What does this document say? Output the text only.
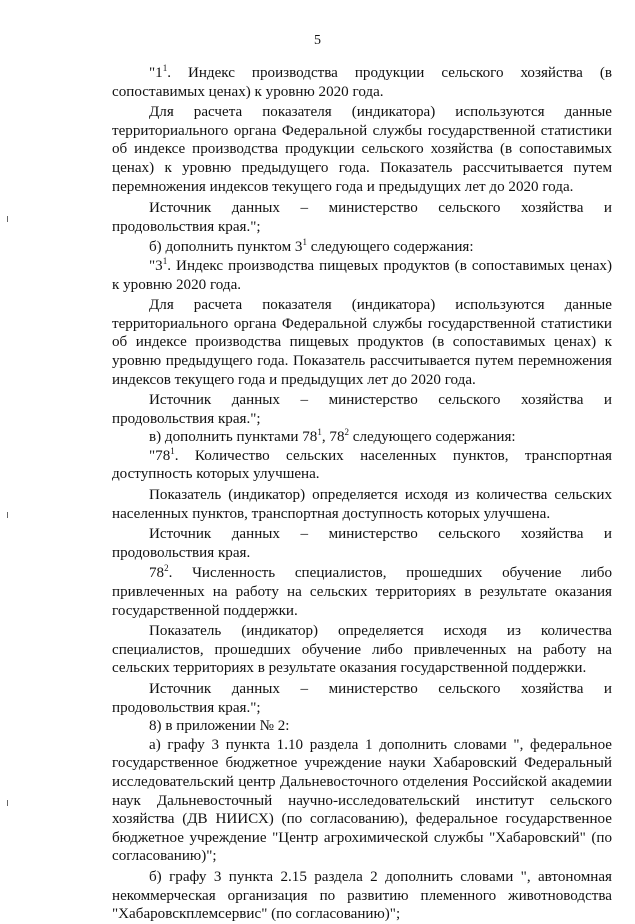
5

"$1^1$. Индекс производства продукции сельского хозяйства (в сопоставимых ценах) к уровню 2020 года.

Для расчета показателя (индикатора) используются данные территориального органа Федеральной службы государственной статистики об индексе производства продукции сельского хозяйства (в сопоставимых ценах) к уровню предыдущего года. Показатель рассчитывается путем перемножения индексов текущего года и предыдущих лет до 2020 года.

Источник данных – министерство сельского хозяйства и продовольствия края.";

б) дополнить пунктом $3^1$ следующего содержания:

"$3^1$. Индекс производства пищевых продуктов (в сопоставимых ценах) к уровню 2020 года.

Для расчета показателя (индикатора) используются данные территориального органа Федеральной службы государственной статистики об индексе производства пищевых продуктов (в сопоставимых ценах) к уровню предыдущего года. Показатель рассчитывается путем перемножения индексов текущего года и предыдущих лет до 2020 года.

Источник данных – министерство сельского хозяйства и продовольствия края.";

в) дополнить пунктами $78^1$, $78^2$ следующего содержания:

"$78^1$. Количество сельских населенных пунктов, транспортная доступность которых улучшена.

Показатель (индикатор) определяется исходя из количества сельских населенных пунктов, транспортная доступность которых улучшена.

Источник данных – министерство сельского хозяйства и продовольствия края.

$78^2$. Численность специалистов, прошедших обучение либо привлеченных на работу на сельских территориях в результате оказания государственной поддержки.

Показатель (индикатор) определяется исходя из количества специалистов, прошедших обучение либо привлеченных на работу на сельских территориях в результате оказания государственной поддержки.

Источник данных – министерство сельского хозяйства и продовольствия края.";

8) в приложении № 2:

а) графу 3 пункта 1.10 раздела 1 дополнить словами ", федеральное государственное бюджетное учреждение науки Хабаровский Федеральный исследовательский центр Дальневосточного отделения Российской академии наук Дальневосточный научно-исследовательский институт сельского хозяйства (ДВ НИИСХ) (по согласованию), федеральное государственное бюджетное учреждение "Центр агрохимической службы "Хабаровский" (по согласованию)";

б) графу 3 пункта 2.15 раздела 2 дополнить словами ", автономная некоммерческая организация по развитию племенного животноводства "Хабаровскплемсервис" (по согласованию)";
